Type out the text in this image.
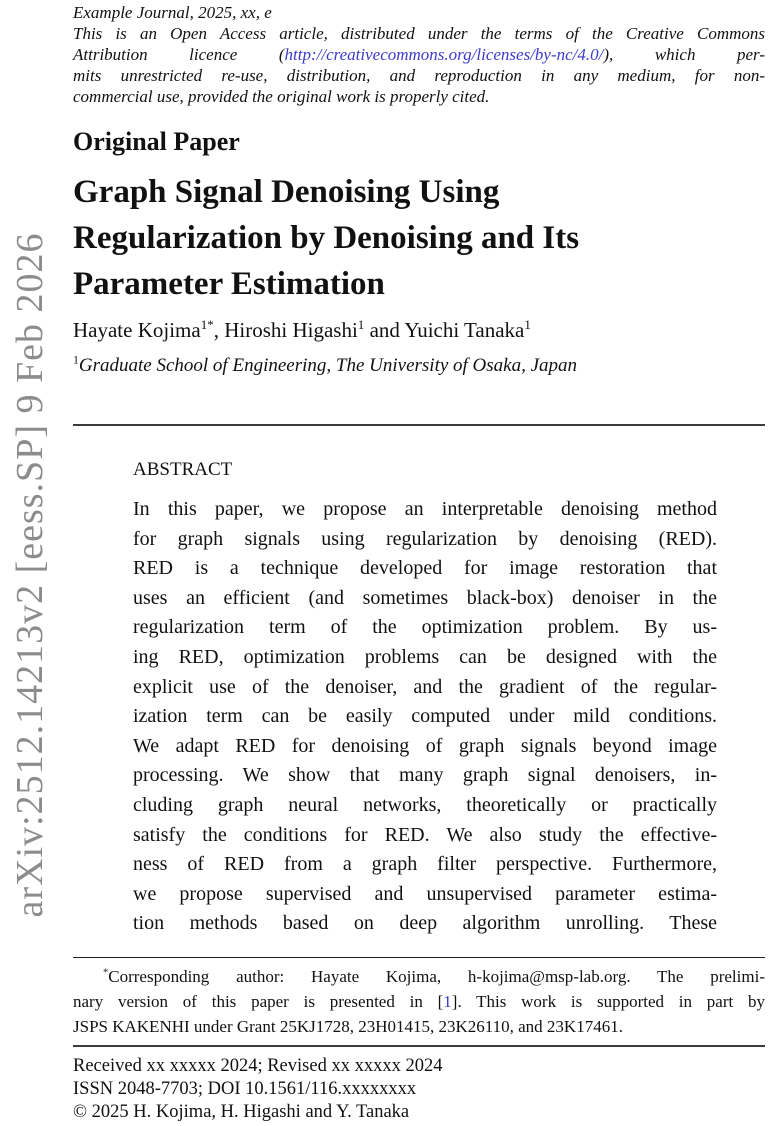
arXiv:2512.14213v2 [eess.SP] 9 Feb 2026
Example Journal, 2025, xx, e
This is an Open Access article, distributed under the terms of the Creative Commons
Attribution licence (http://creativecommons.org/licenses/by-nc/4.0/), which per-
mits unrestricted re-use, distribution, and reproduction in any medium, for non-
commercial use, provided the original work is properly cited.
Original Paper
Graph Signal Denoising Using
Regularization by Denoising and Its
Parameter Estimation
Hayate Kojima$^{1*}$, Hiroshi Higashi$^1$ and Yuichi Tanaka$^1$
$^1$Graduate School of Engineering, The University of Osaka, Japan
ABSTRACT
In this paper, we propose an interpretable denoising method
for graph signals using regularization by denoising (RED).
RED is a technique developed for image restoration that
uses an efficient (and sometimes black-box) denoiser in the
regularization term of the optimization problem. By us-
ing RED, optimization problems can be designed with the
explicit use of the denoiser, and the gradient of the regular-
ization term can be easily computed under mild conditions.
We adapt RED for denoising of graph signals beyond image
processing. We show that many graph signal denoisers, in-
cluding graph neural networks, theoretically or practically
satisfy the conditions for RED. We also study the effective-
ness of RED from a graph filter perspective. Furthermore,
we propose supervised and unsupervised parameter estima-
tion methods based on deep algorithm unrolling. These
*Corresponding author: Hayate Kojima, h-kojima@msp-lab.org. The prelimi-
nary version of this paper is presented in [1]. This work is supported in part by
JSPS KAKENHI under Grant 25KJ1728, 23H01415, 23K26110, and 23K17461.
Received xx xxxxx 2024; Revised xx xxxxx 2024
ISSN 2048-7703; DOI 10.1561/116.xxxxxxxx
© 2025 H. Kojima, H. Higashi and Y. Tanaka
